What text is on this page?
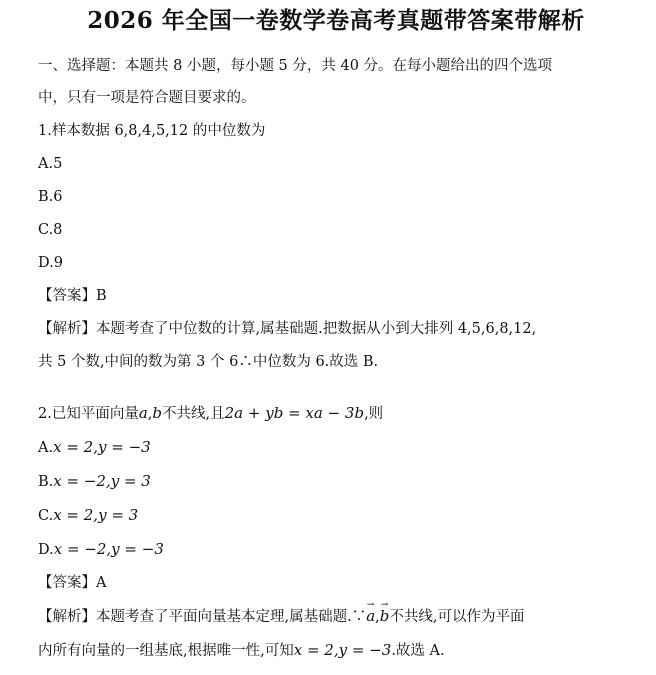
2026 年全国一卷数学卷高考真题带答案带解析
一、选择题：本题共 8 小题，每小题 5 分，共 40 分。在每小题给出的四个选项
中，只有一项是符合题目要求的。
1.样本数据 6,8,4,5,12 的中位数为
A.5
B.6
C.8
D.9
【答案】B
【解析】本题考查了中位数的计算,属基础题.把数据从小到大排列 4,5,6,8,12,
共 5 个数,中间的数为第 3 个 6∴中位数为 6.故选 B.
2.已知平面向量a,b不共线,且2a + yb = xa − 3b,则
A.x = 2,y = −3
B.x = −2,y = 3
C.x = 2,y = 3
D.x = −2,y = −3
【答案】A
【解析】本题考查了平面向量基本定理,属基础题.∵→ a,→ b不共线,可以作为平面
内所有向量的一组基底,根据唯一性,可知x = 2,y = −3.故选 A.
